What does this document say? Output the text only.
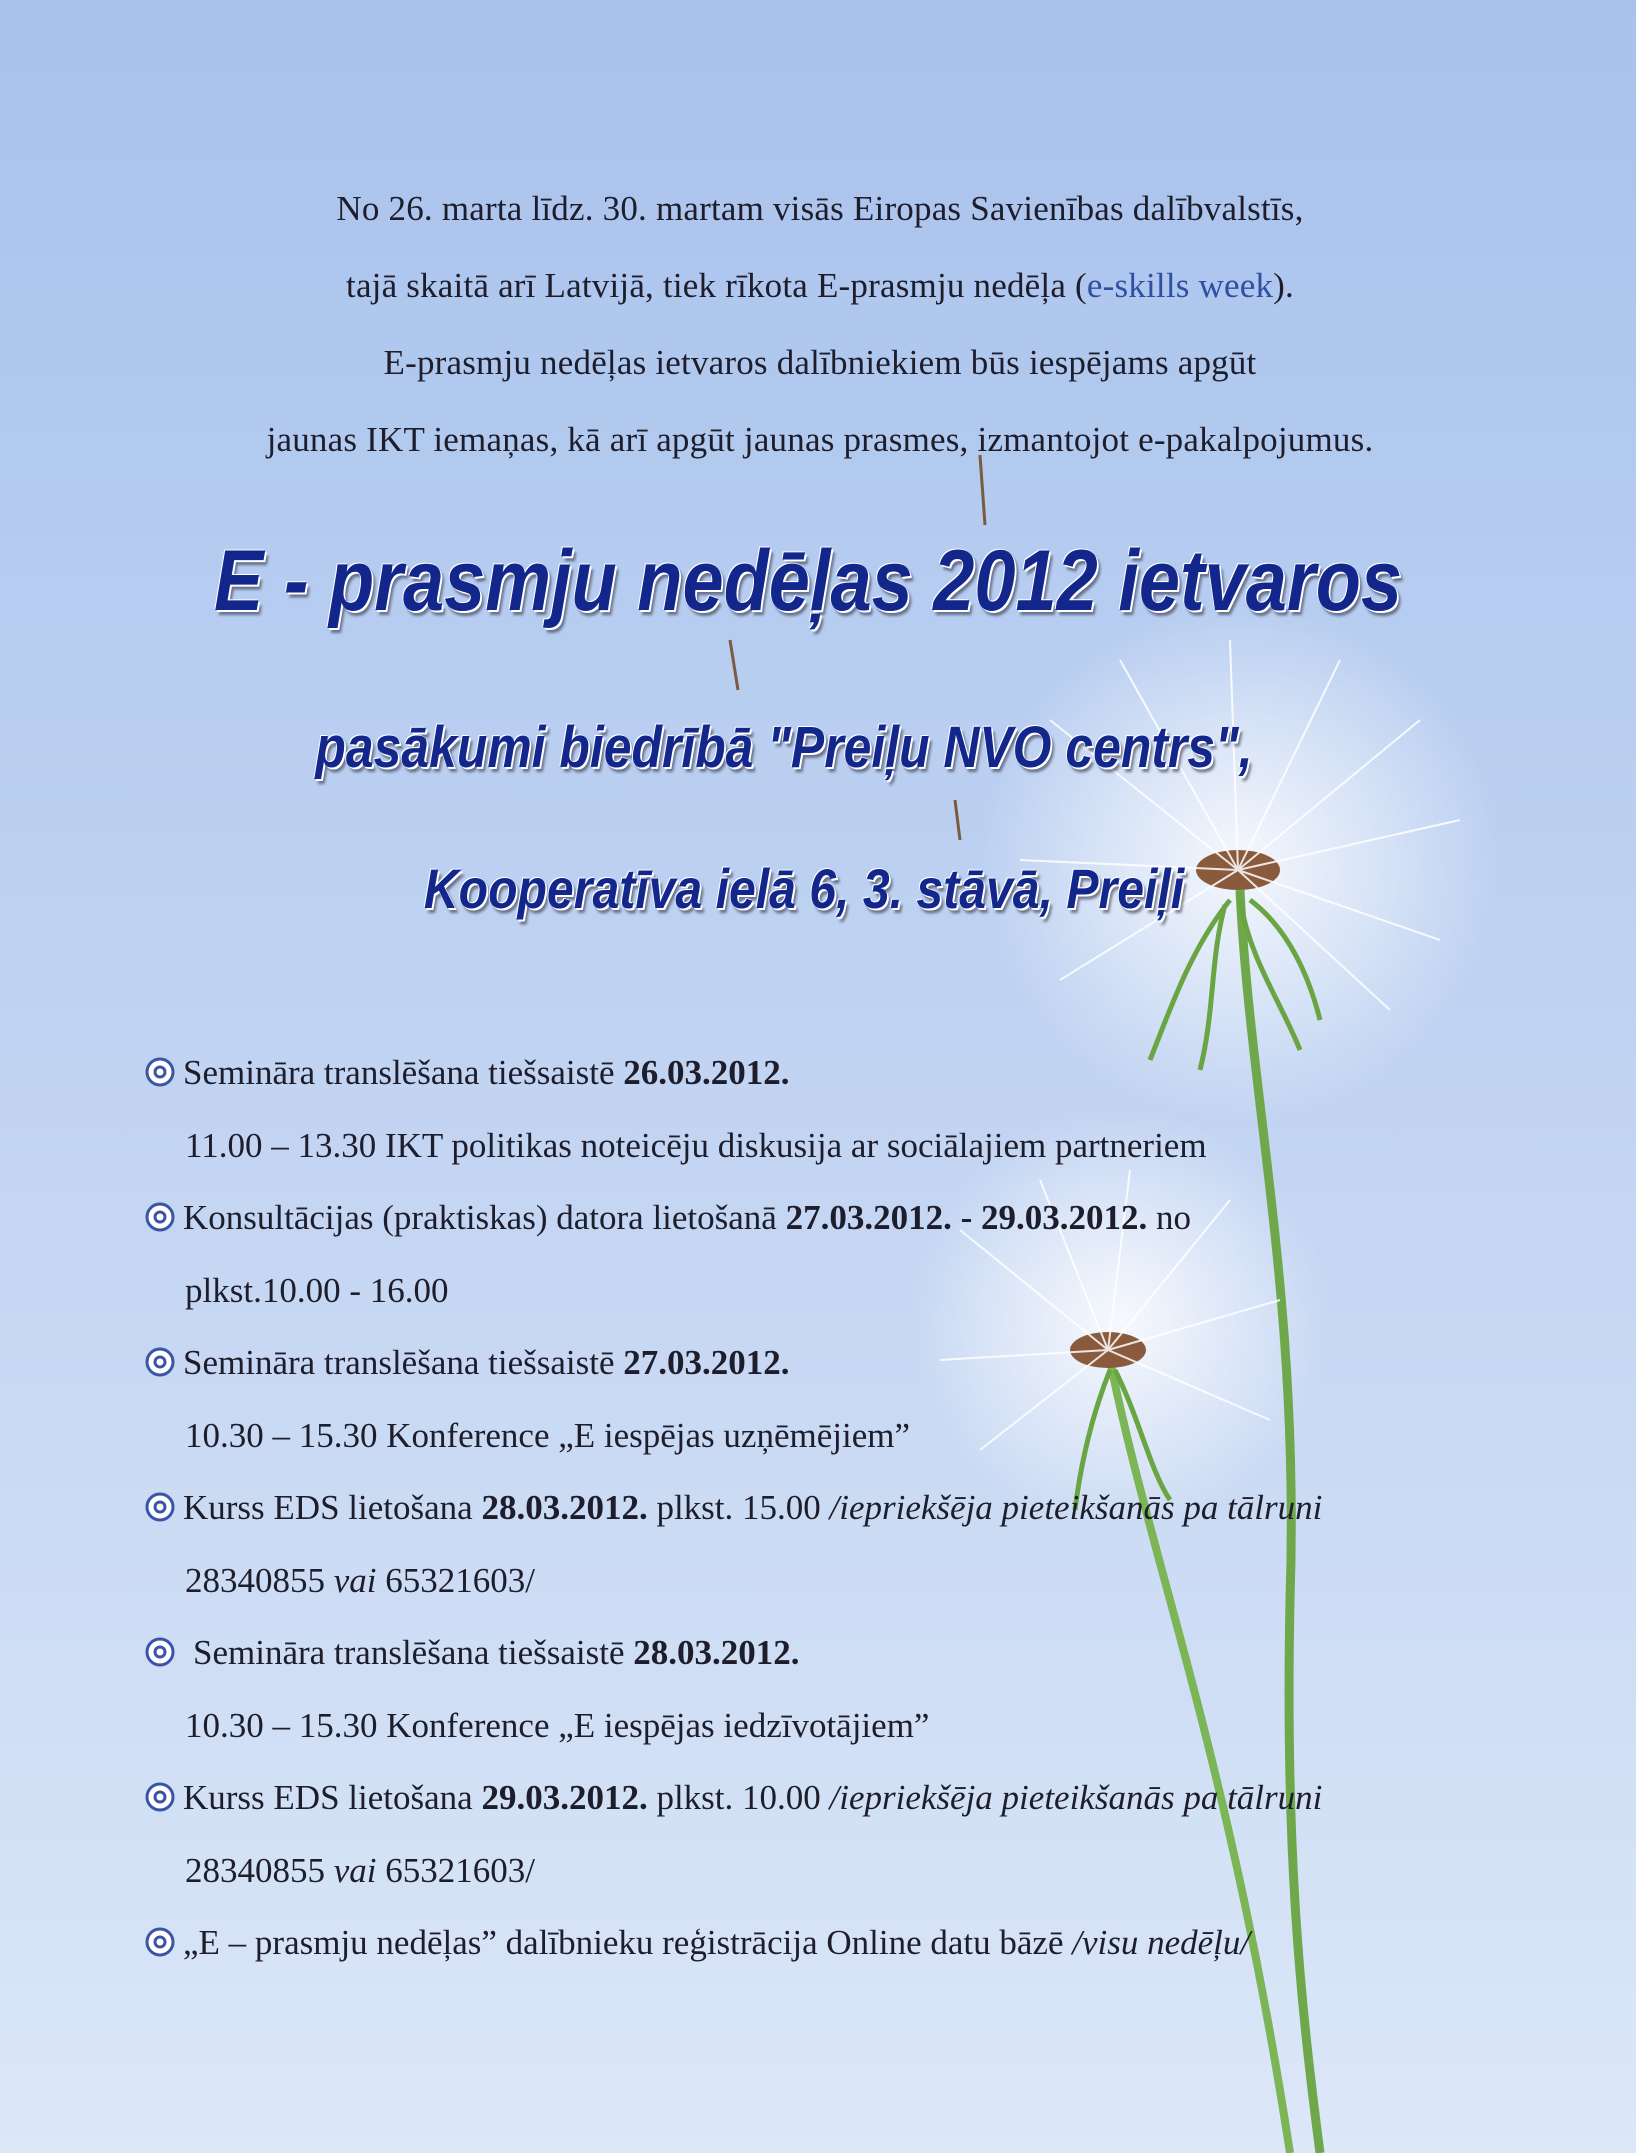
No 26. marta līdz. 30. martam visās Eiropas Savienības dalībvalstīs,
tajā skaitā arī Latvijā, tiek rīkota E-prasmju nedēļa (e-skills week).
E-prasmju nedēļas ietvaros dalībniekiem būs iespējams apgūt
jaunas IKT iemaņas, kā arī apgūt jaunas prasmes, izmantojot e-pakalpojumus.
E - prasmju nedēļas 2012 ietvaros
pasākumi biedrībā "Preiļu NVO centrs",
Kooperatīva ielā 6, 3. stāvā, Preiļi
Semināra translēšana tiešsaistē 26.03.2012.
11.00 – 13.30 IKT politikas noteicēju diskusija ar sociālajiem partneriem
Konsultācijas (praktiskas) datora lietošanā 27.03.2012. - 29.03.2012. no
plkst.10.00 - 16.00
Semināra translēšana tiešsaistē 27.03.2012.
10.30 – 15.30 Konference „E iespējas uzņēmējiem”
Kurss EDS lietošana 28.03.2012. plkst. 15.00 /iepriekšēja pieteikšanās pa tālruni
28340855 vai 65321603/
Semināra translēšana tiešsaistē 28.03.2012.
10.30 – 15.30 Konference „E iespējas iedzīvotājiem”
Kurss EDS lietošana 29.03.2012. plkst. 10.00 /iepriekšēja pieteikšanās pa tālruni
28340855 vai 65321603/
„E – prasmju nedēļas” dalībnieku reģistrācija Online datu bāzē /visu nedēļu/
